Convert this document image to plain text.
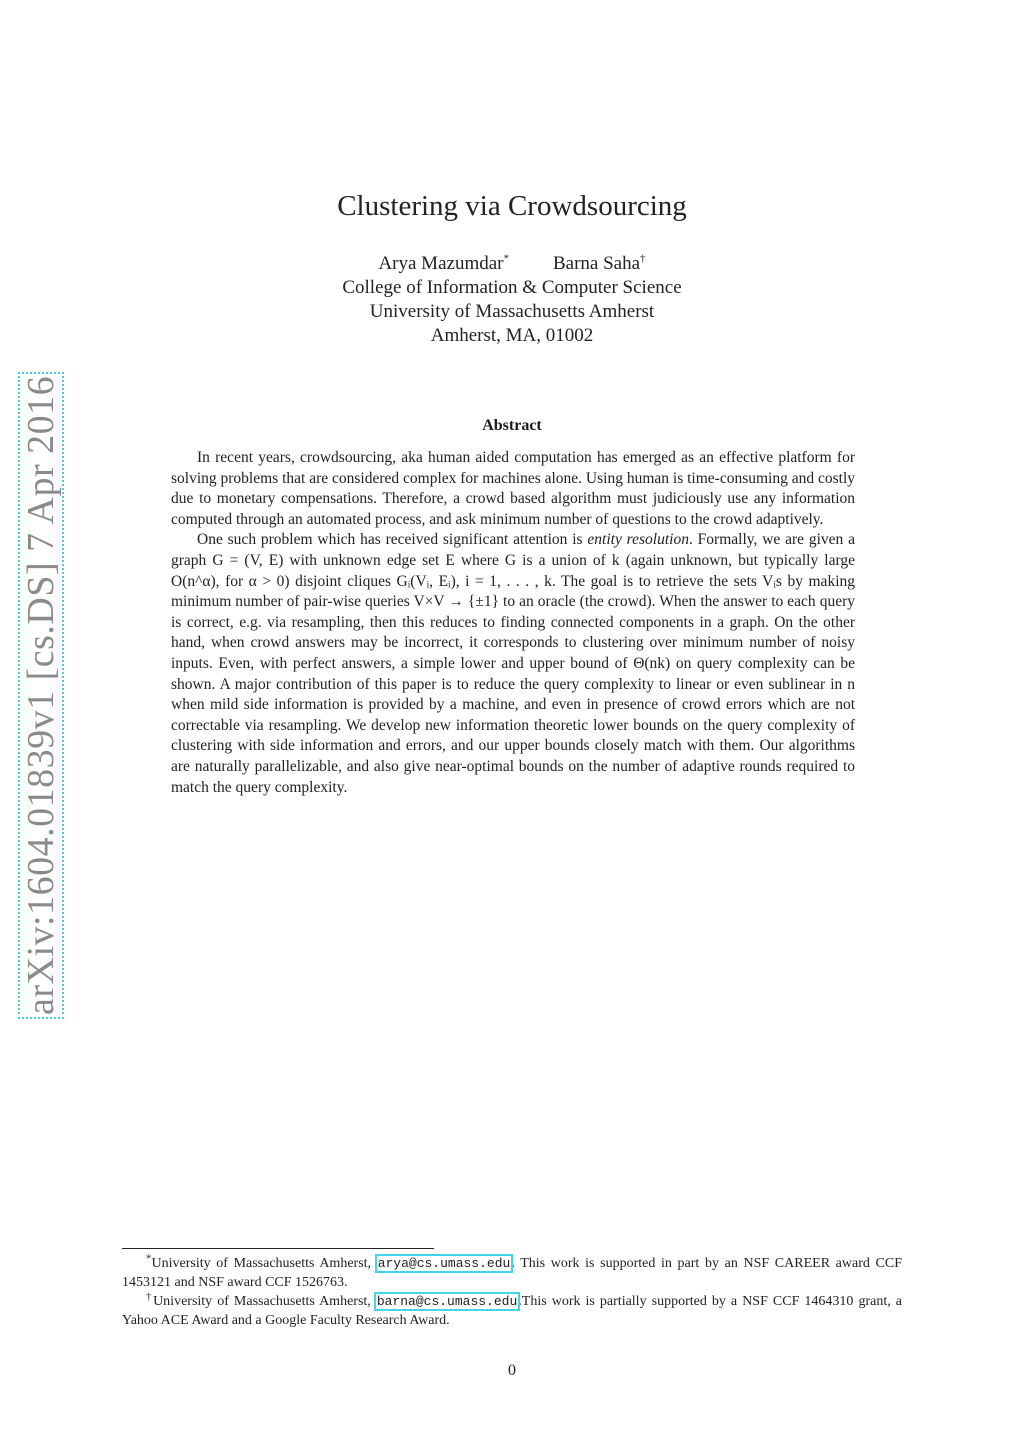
arXiv:1604.01839v1 [cs.DS] 7 Apr 2016
Clustering via Crowdsourcing
Arya Mazumdar* Barna Saha†
College of Information & Computer Science
University of Massachusetts Amherst
Amherst, MA, 01002
Abstract

In recent years, crowdsourcing, aka human aided computation has emerged as an effective platform for solving problems that are considered complex for machines alone. Using human is time-consuming and costly due to monetary compensations. Therefore, a crowd based algorithm must judiciously use any information computed through an automated process, and ask minimum number of questions to the crowd adaptively.

One such problem which has received significant attention is entity resolution. Formally, we are given a graph G = (V, E) with unknown edge set E where G is a union of k (again unknown, but typically large O(n^α), for α > 0) disjoint cliques Gᵢ(Vᵢ, Eᵢ), i = 1, . . . , k. The goal is to retrieve the sets Vᵢs by making minimum number of pair-wise queries V×V → {±1} to an oracle (the crowd). When the answer to each query is correct, e.g. via resampling, then this reduces to finding connected components in a graph. On the other hand, when crowd answers may be incorrect, it corresponds to clustering over minimum number of noisy inputs. Even, with perfect answers, a simple lower and upper bound of Θ(nk) on query complexity can be shown. A major contribution of this paper is to reduce the query complexity to linear or even sublinear in n when mild side information is provided by a machine, and even in presence of crowd errors which are not correctable via resampling. We develop new information theoretic lower bounds on the query complexity of clustering with side information and errors, and our upper bounds closely match with them. Our algorithms are naturally parallelizable, and also give near-optimal bounds on the number of adaptive rounds required to match the query complexity.

*University of Massachusetts Amherst, arya@cs.umass.edu. This work is supported in part by an NSF CAREER award CCF 1453121 and NSF award CCF 1526763.

†University of Massachusetts Amherst, barna@cs.umass.edu.This work is partially supported by a NSF CCF 1464310 grant, a Yahoo ACE Award and a Google Faculty Research Award.

0
